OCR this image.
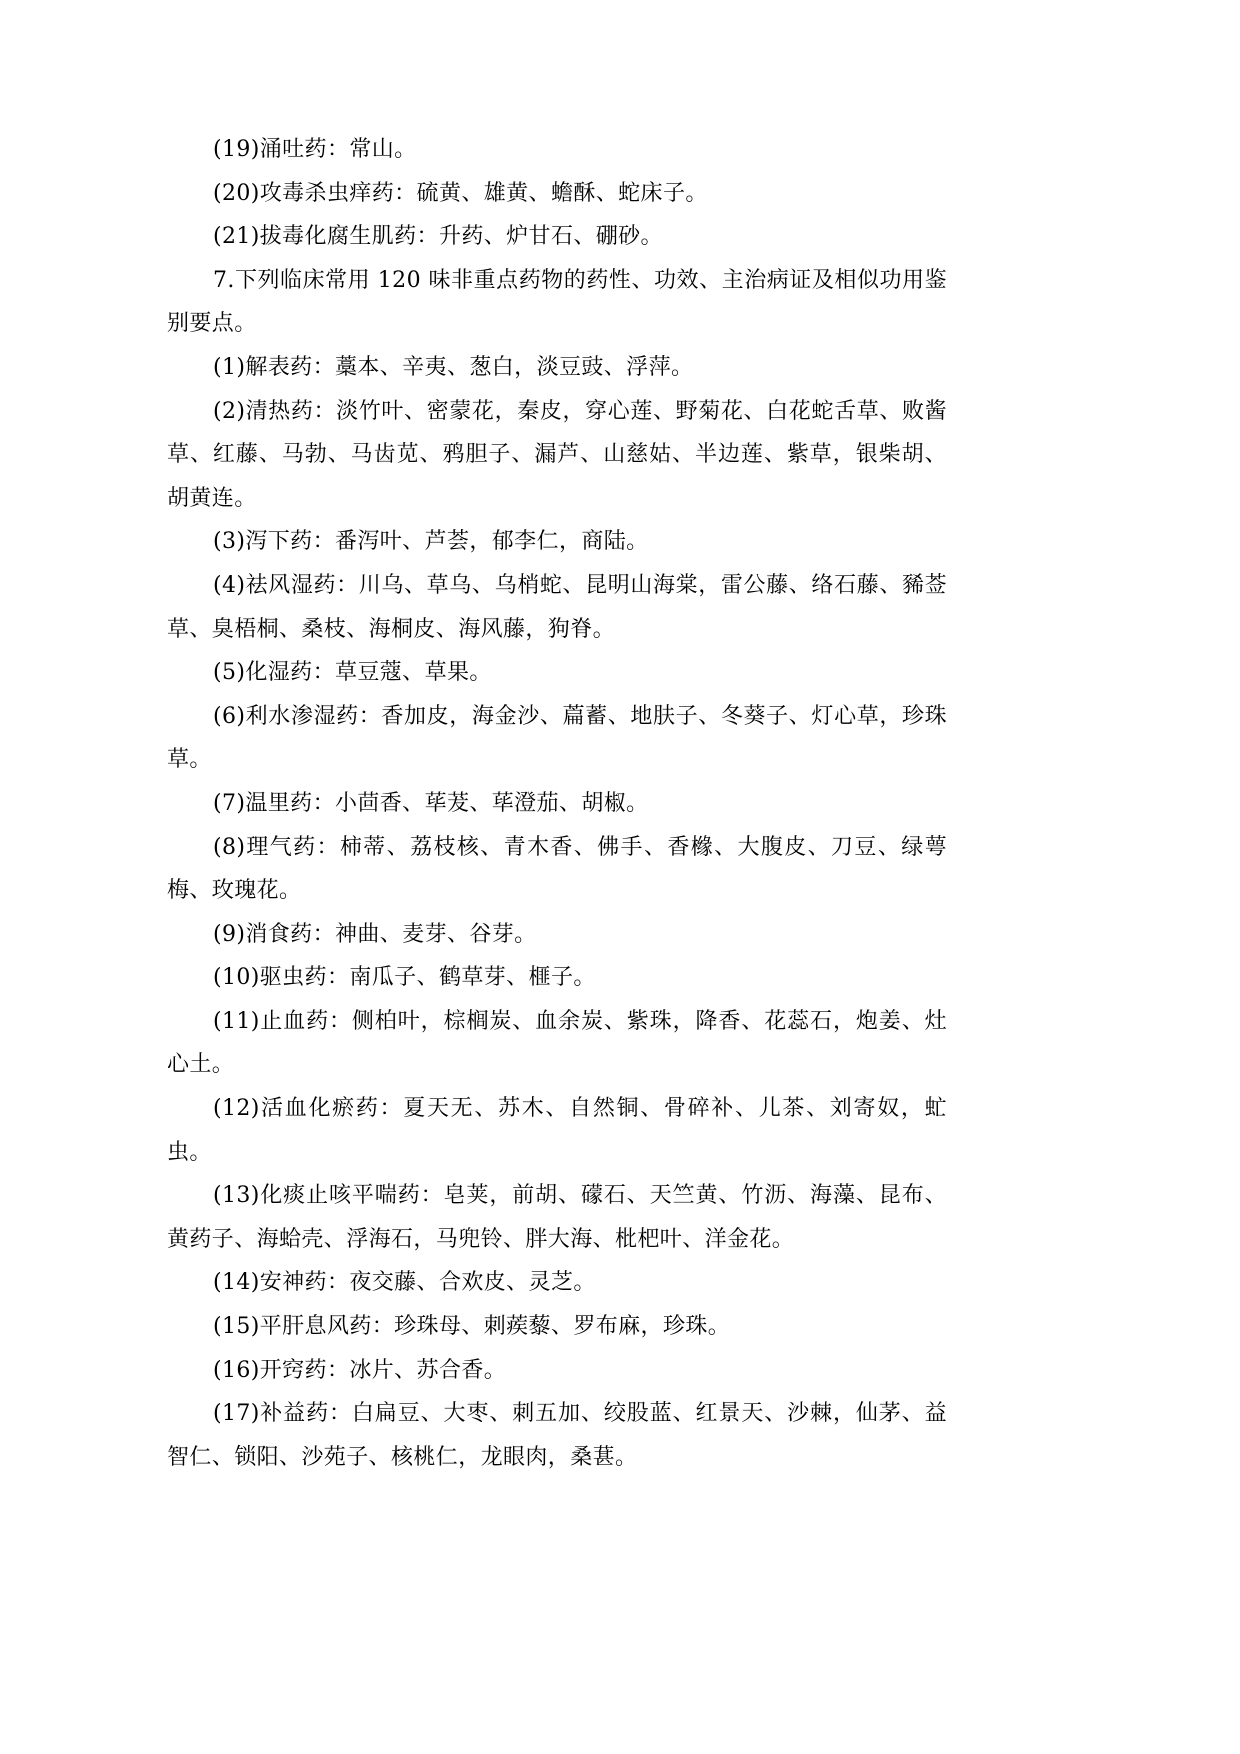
(19)涌吐药：常山。

(20)攻毒杀虫痒药：硫黄、雄黄、蟾酥、蛇床子。

(21)拔毒化腐生肌药：升药、炉甘石、硼砂。

7.下列临床常用 120 味非重点药物的药性、功效、主治病证及相似功用鉴别要点。

(1)解表药：藁本、辛夷、葱白，淡豆豉、浮萍。

(2)清热药：淡竹叶、密蒙花，秦皮，穿心莲、野菊花、白花蛇舌草、败酱草、红藤、马勃、马齿苋、鸦胆子、漏芦、山慈姑、半边莲、紫草，银柴胡、胡黄连。

(3)泻下药：番泻叶、芦荟，郁李仁，商陆。

(4)祛风湿药：川乌、草乌、乌梢蛇、昆明山海棠，雷公藤、络石藤、豨莶草、臭梧桐、桑枝、海桐皮、海风藤，狗脊。

(5)化湿药：草豆蔻、草果。

(6)利水渗湿药：香加皮，海金沙、萹蓄、地肤子、冬葵子、灯心草，珍珠草。

(7)温里药：小茴香、荜茇、荜澄茄、胡椒。

(8)理气药：柿蒂、荔枝核、青木香、佛手、香橼、大腹皮、刀豆、绿萼梅、玫瑰花。

(9)消食药：神曲、麦芽、谷芽。

(10)驱虫药：南瓜子、鹤草芽、榧子。

(11)止血药：侧柏叶，棕榈炭、血余炭、紫珠，降香、花蕊石，炮姜、灶心土。

(12)活血化瘀药：夏天无、苏木、自然铜、骨碎补、儿茶、刘寄奴，虻虫。

(13)化痰止咳平喘药：皂荚，前胡、礞石、天竺黄、竹沥、海藻、昆布、黄药子、海蛤壳、浮海石，马兜铃、胖大海、枇杷叶、洋金花。

(14)安神药：夜交藤、合欢皮、灵芝。

(15)平肝息风药：珍珠母、刺蒺藜、罗布麻，珍珠。

(16)开窍药：冰片、苏合香。

(17)补益药：白扁豆、大枣、刺五加、绞股蓝、红景天、沙棘，仙茅、益智仁、锁阳、沙苑子、核桃仁，龙眼肉，桑葚。
